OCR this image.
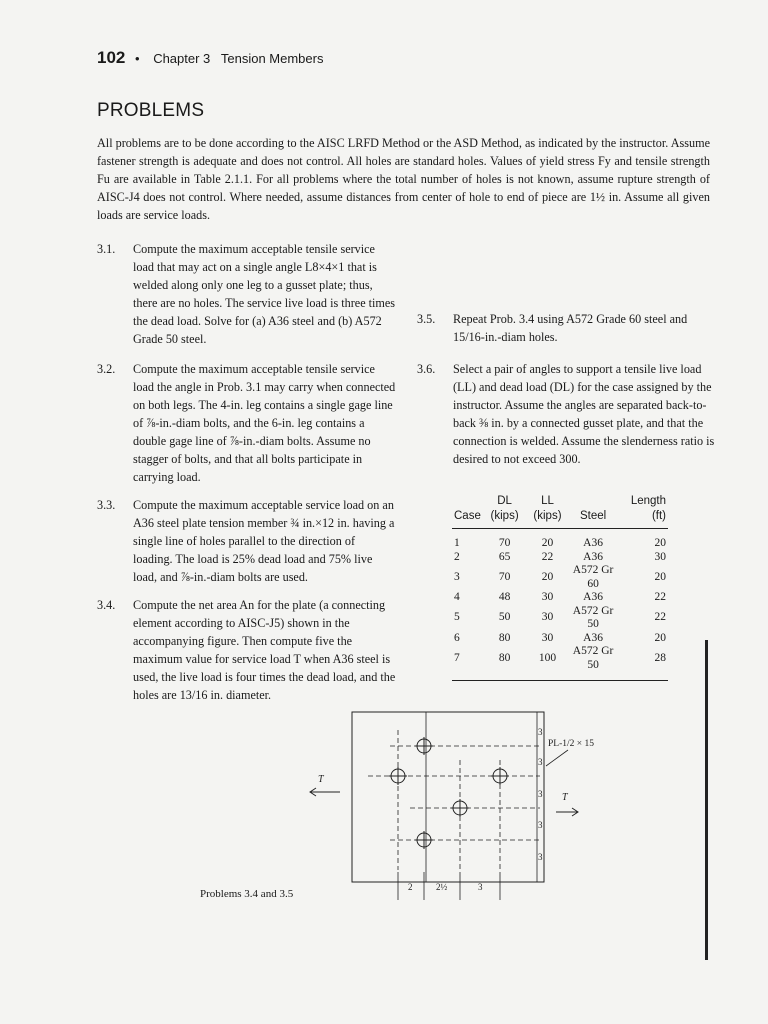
102 • Chapter 3   Tension Members
PROBLEMS
All problems are to be done according to the AISC LRFD Method or the ASD Method, as indicated by the instructor. Assume fastener strength is adequate and does not control. All holes are standard holes. Values of yield stress Fy and tensile strength Fu are available in Table 2.1.1. For all problems where the total number of holes is not known, assume rupture strength of AISC-J4 does not control. Where needed, assume distances from center of hole to end of piece are 1½ in. Assume all given loads are service loads.
3.1. Compute the maximum acceptable tensile service load that may act on a single angle L8×4×1 that is welded along only one leg to a gusset plate; thus, there are no holes. The service live load is three times the dead load. Solve for (a) A36 steel and (b) A572 Grade 50 steel.
3.2. Compute the maximum acceptable tensile service load the angle in Prob. 3.1 may carry when connected on both legs. The 4-in. leg contains a single gage line of ⅞-in.-diam bolts, and the 6-in. leg contains a double gage line of ⅞-in.-diam bolts. Assume no stagger of bolts, and that all bolts participate in carrying load.
3.3. Compute the maximum acceptable service load on an A36 steel plate tension member ¾ in.×12 in. having a single line of holes parallel to the direction of loading. The load is 25% dead load and 75% live load, and ⅞-in.-diam bolts are used.
3.4. Compute the net area An for the plate (a connecting element according to AISC-J5) shown in the accompanying figure. Then compute five the maximum value for service load T when A36 steel is used, the live load is four times the dead load, and the holes are 13/16 in. diameter.
3.5. Repeat Prob. 3.4 using A572 Grade 60 steel and 15/16-in.-diam holes.
3.6. Select a pair of angles to support a tensile live load (LL) and dead load (DL) for the case assigned by the instructor. Assume the angles are separated back-to-back ⅜ in. by a connected gusset plate, and that the connection is welded. Assume the slenderness ratio is desired to not exceed 300.
Case	DL (kips)	LL (kips)	Steel	Length (ft)
1	70	20	A36	20
2	65	22	A36	30
3	70	20	A572 Gr 60	20
4	48	30	A36	22
5	50	30	A572 Gr 50	22
6	80	30	A36	20
7	80	100	A572 Gr 50	28
3
3
3
3
3
2	2½	3
T
T
PL-1/2 × 15
Problems 3.4 and 3.5
